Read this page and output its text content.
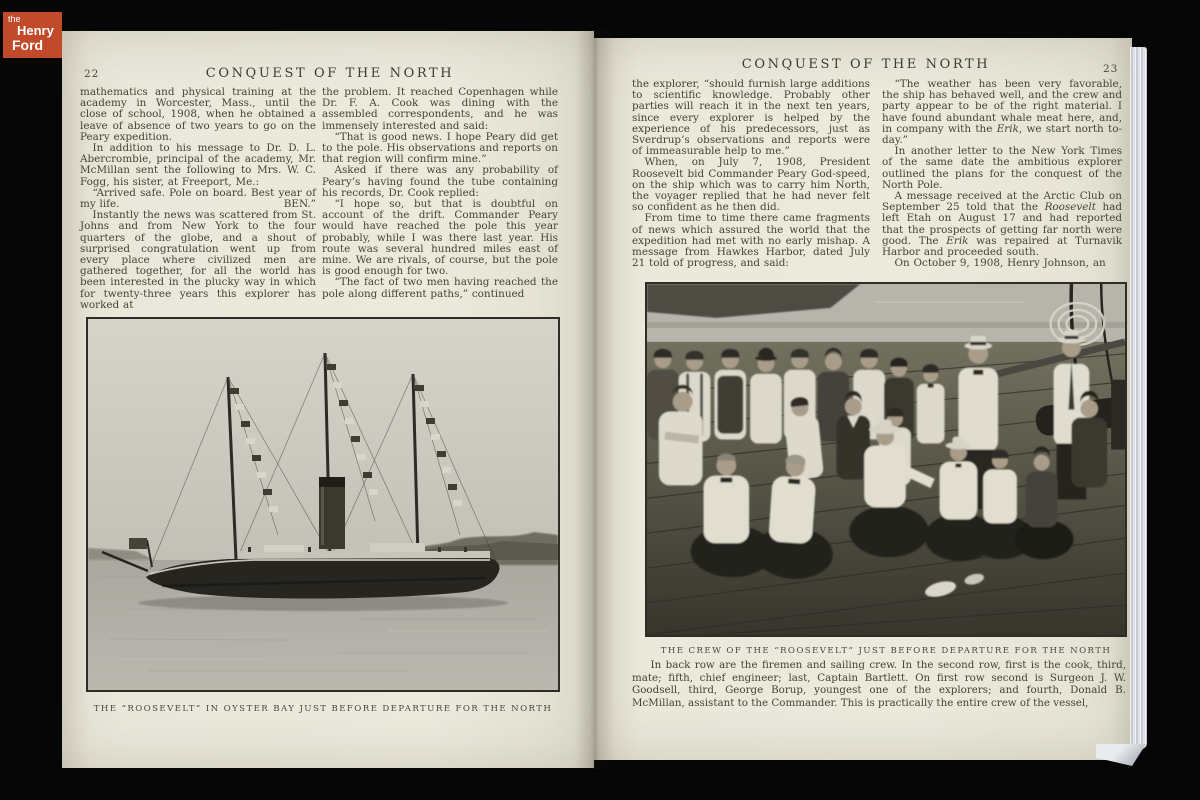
the
Henry
Ford
22	CONQUEST OF THE NORTH

mathematics and physical training at the academy in Worcester, Mass., until the close of school, 1908, when he obtained a leave of absence of two years to go on the Peary expedition.

In addition to his message to Dr. D. L. Abercrombie, principal of the academy, Mr. McMillan sent the following to Mrs. W. C. Fogg, his sister, at Freeport, Me.:

“Arrived safe. Pole on board. Best year of my life.	BEN.”

Instantly the news was scattered from St. Johns and from New York to the four quarters of the globe, and a shout of surprised congratulation went up from every place where civilized men are gathered together, for all the world has been interested in the plucky way in which for twenty-three years this explorer has worked at

the problem. It reached Copenhagen while Dr. F. A. Cook was dining with the assembled correspondents, and he was immensely interested and said:

“That is good news. I hope Peary did get to the pole. His observations and reports on that region will confirm mine.”

Asked if there was any probability of Peary’s having found the tube containing his records, Dr. Cook replied:

“I hope so, but that is doubtful on account of the drift. Commander Peary would have reached the pole this year probably, while I was there last year. His route was several hundred miles east of mine. We are rivals, of course, but the pole is good enough for two.

“The fact of two men having reached the pole along different paths,” continued

THE “ROOSEVELT” IN OYSTER BAY JUST BEFORE DEPARTURE FOR THE NORTH
CONQUEST OF THE NORTH	23

the explorer, “should furnish large additions to scientific knowledge. Probably other parties will reach it in the next ten years, since every explorer is helped by the experience of his predecessors, just as Sverdrup’s observations and reports were of immeasurable help to me.”

When, on July 7, 1908, President Roosevelt bid Commander Peary God-speed, on the ship which was to carry him North, the voyager replied that he had never felt so confident as he then did.

From time to time there came fragments of news which assured the world that the expedition had met with no early mishap. A message from Hawkes Harbor, dated July 21 told of progress, and said:

“The weather has been very favorable, the ship has behaved well, and the crew and party appear to be of the right material. I have found abundant whale meat here, and, in company with the Erik, we start north to-day.”

In another letter to the New York Times of the same date the ambitious explorer outlined the plans for the conquest of the North Pole.

A message received at the Arctic Club on September 25 told that the Roosevelt had left Etah on August 17 and had reported that the prospects of getting far north were good. The Erik was repaired at Turnavik Harbor and proceeded south.

On October 9, 1908, Henry Johnson, an

THE CREW OF THE “ROOSEVELT” JUST BEFORE DEPARTURE FOR THE NORTH

In back row are the firemen and sailing crew. In the second row, first is the cook, third, mate; fifth, chief engineer; last, Captain Bartlett. On first row second is Surgeon J. W. Goodsell, third, George Borup, youngest one of the explorers; and fourth, Donald B. McMillan, assistant to the Commander. This is practically the entire crew of the vessel,
